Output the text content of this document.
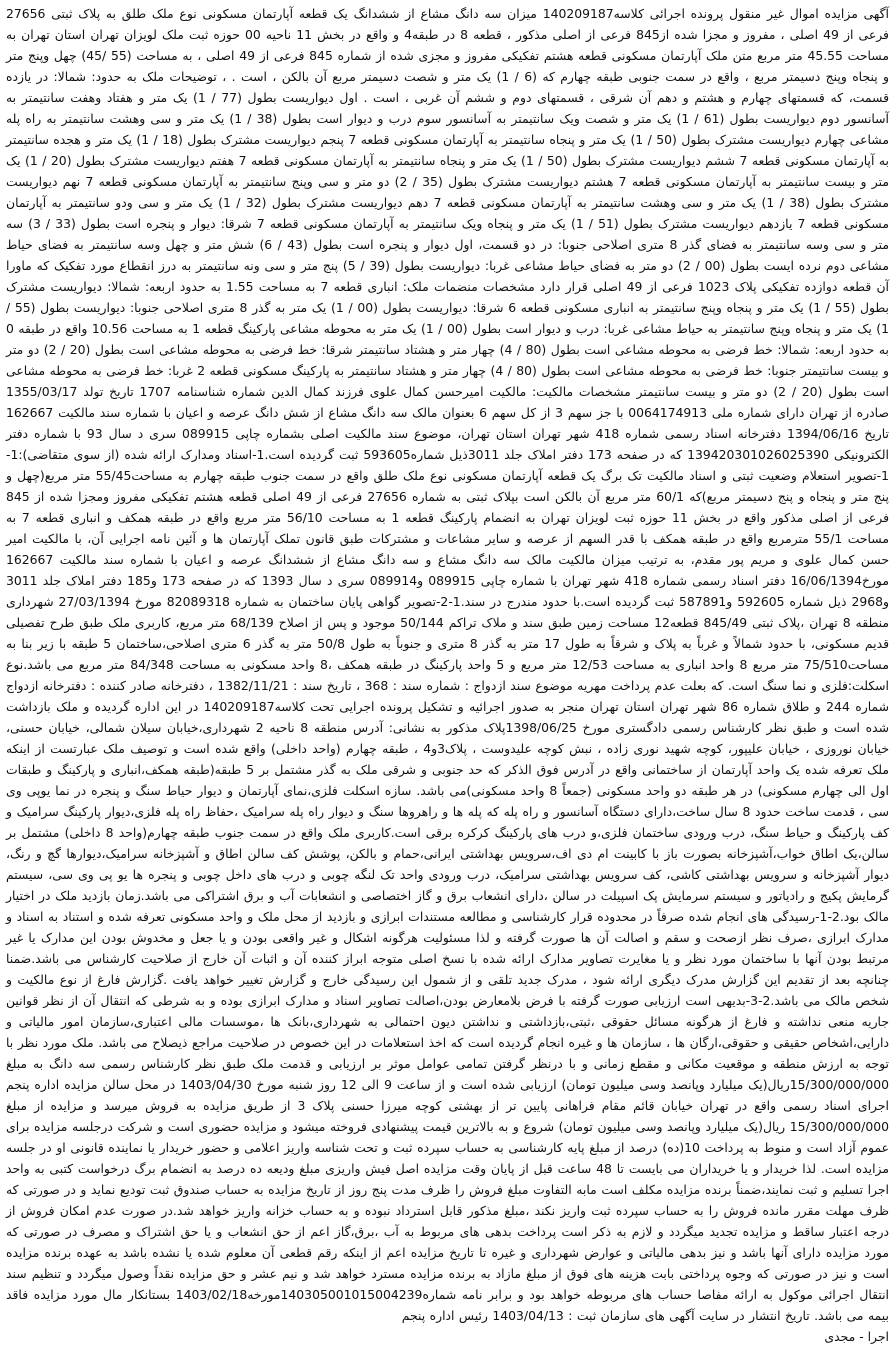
آگهی مزایده اموال غیر منقول پرونده اجرائی کلاسه140209187 میزان سه دانگ مشاع از ششدانگ یک قطعه آپارتمان مسکونی نوع ملک طلق به پلاک ثبتی 27656 فرعی از 49 اصلی ، مفروز و مجزا شده از845 فرعی از اصلی مذکور ، قطعه 8 در طبقه4 و واقع در بخش 11 ناحیه 00 حوزه ثبت ملک لویزان تهران استان تهران به مساحت 45.55 متر مربع متن ملک آپارتمان مسکونی قطعه هشتم تفکیکی مفروز و مجزی شده از شماره 845 فرعی از 49 اصلی ، به مساحت (55 /45) چهل وپنج متر و پنجاه وپنج دسیمتر مربع ، واقع در سمت جنوبی طبقه چهارم که (6 / 1) یک متر و شصت دسیمتر مربع آن بالکن ، است . ، توضیحات ملک به حدود: شمالا: در یازده قسمت، که قسمتهای چهارم و هشتم و دهم آن شرقی ، قسمتهای دوم و ششم آن غربی ، است . اول دیواریست بطول (77 / 1) یک متر و هفتاد وهفت سانتیمتر به آسانسور دوم دیواریست بطول (61 / 1) یک متر و شصت ویک سانتیمتر به آسانسور سوم درب و دیوار است بطول (38 / 1) یک متر و سی وهشت سانتیمتر به راه پله مشاعی چهارم دیواریست مشترک بطول (50 / 1) یک متر و پنجاه سانتیمتر به آپارتمان مسکونی قطعه 7 پنجم دیواریست مشترک بطول (18 / 1) یک متر و هجده سانتیمتر به آپارتمان مسکونی قطعه 7 ششم دیواریست مشترک بطول (50 / 1) یک متر و پنجاه سانتیمتر به آپارتمان مسکونی قطعه 7 هفتم دیواریست مشترک بطول (20 / 1) یک متر و بیست سانتیمتر به آپارتمان مسکونی قطعه 7 هشتم دیواریست مشترک بطول (35 / 2) دو متر و سی وپنج سانتیمتر به آپارتمان مسکونی قطعه 7 نهم دیواریست مشترک بطول (38 / 1) یک متر و سی وهشت سانتیمتر به آپارتمان مسکونی قطعه 7 دهم دیواریست مشترک بطول (32 / 1) یک متر و سی ودو سانتیمتر به آپارتمان مسکونی قطعه 7 یازدهم دیواریست مشترک بطول (51 / 1) یک متر و پنجاه ویک سانتیمتر به آپارتمان مسکونی قطعه 7 شرقا: دیوار و پنجره است بطول (33 / 3) سه متر و سی وسه سانتیمتر به فضای گذر 8 متری اصلاحی جنوبا: در دو قسمت، اول دیوار و پنجره است بطول (43 / 6) شش متر و چهل وسه سانتیمتر به فضای حیاط مشاعی دوم نرده ایست بطول (00 / 2) دو متر به فضای حیاط مشاعی غربا: دیواریست بطول (39 / 5) پنج متر و سی ونه سانتیمتر به درز انقطاع مورد تفکیک که ماورا آن قطعه دوازده تفکیکی پلاک 1023 فرعی از 49 اصلی قرار دارد مشخصات منضمات ملک: انباری قطعه 7 به مساحت 1.55 به حدود اربعه: شمالا: دیواریست مشترک بطول (55 / 1) یک متر و پنجاه وپنج سانتیمتر به انباری مسکونی قطعه 6 شرقا: دیواریست بطول (00 / 1) یک متر به گذر 8 متری اصلاحی جنوبا: دیواریست بطول (55 / 1) یک متر و پنجاه وپنج سانتیمتر به حیاط مشاعی غربا: درب و دیوار است بطول (00 / 1) یک متر به محوطه مشاعی پارکینگ قطعه 1 به مساحت 10.56 واقع در طبقه 0 به حدود اربعه: شمالا: خط فرضی به محوطه مشاعی است بطول (80 / 4) چهار متر و هشتاد سانتیمتر شرقا: خط فرضی به محوطه مشاعی است بطول (20 / 2) دو متر و بیست سانتیمتر جنوبا: خط فرضی به محوطه مشاعی است بطول (80 / 4) چهار متر و هشتاد سانتیمتر به پارکینگ مسکونی قطعه 2 غربا: خط فرضی به محوطه مشاعی است بطول (20 / 2) دو متر و بیست سانتیمتر مشخصات مالکیت: مالکیت امیرحسن کمال علوی فرزند کمال الدین شماره شناسنامه 1707 تاریخ تولد 1355/03/17 صادره از تهران دارای شماره ملی 0064174913 با جز سهم 3 از کل سهم 6 بعنوان مالک سه دانگ مشاع از شش دانگ عرصه و اعیان با شماره سند مالکیت 162667 تاریخ 1394/06/16 دفترخانه اسناد رسمی شماره 418 شهر تهران استان تهران، موضوع سند مالکیت اصلی بشماره چاپی 089915 سری د سال 93 با شماره دفتر الکترونیکی 139420301026025390 که در صفحه 173 دفتر املاک جلد 3011ذیل شماره593605 ثبت گردیده است.1-اسناد ومدارک ارائه شده (از سوی متقاضی):1-1-تصویر استعلام وضعیت ثبتی و اسناد مالکیت تک برگ یک قطعه آپارتمان مسکونی نوع ملک طلق واقع در سمت جنوب طبقه چهارم به مساحت55/45 متر مربع(چهل و پنج متر و پنجاه و پنج دسیمتر مربع)که 60/1 متر مربع آن بالکن است بپلاک ثبتی به شماره 27656 فرعی از 49 اصلی قطعه هشتم تفکیکی مفروز ومجزا شده از 845 فرعی از اصلی مذکور واقع در بخش 11 حوزه ثبت لویزان تهران به انضمام پارکینگ قطعه 1 به مساحت 56/10 متر مربع واقع در طبقه همکف و انباری قطعه 7 به مساحت 55/1 مترمربع واقع در طبقه همکف با قدر السهم از عرصه و سایر مشاعات و مشترکات طبق قانون تملک آپارتمان ها و آئین نامه اجرایی آن، با مالکیت امیر حسن کمال علوی و مریم پور مقدم، به ترتیب میزان مالکیت مالک سه دانگ مشاع و سه دانگ مشاع از ششدانگ عرصه و اعیان با شماره سند مالکیت 162667 مورخ16/06/1394 دفتر اسناد رسمی شماره 418 شهر تهران با شماره چاپی 089915 و089914 سری د سال 1393 که در صفحه 173 و185 دفتر املاک جلد 3011 و2968 ذیل شماره 592605 و587891 ثبت گردیده است.با حدود مندرج در سند.1-2-تصویر گواهی پایان ساختمان به شماره 82089318 مورخ 27/03/1394 شهرداری منطقه 8 تهران ،پلاک ثبتی 845/49 قطعه12 مساحت زمین طبق سند و ملاک تراکم 50/144 موجود و پس از اصلاح 68/139 متر مربع، کاربری ملک طبق طرح تفصیلی قدیم مسکونی، با حدود شمالاً و غرباً به پلاک و شرقاً به طول 17 متر به گذر 8 متری و جنوباً به طول 50/8 متر به گذر 6 متری اصلاحی،ساختمان 5 طبقه با زیر بنا به مساحت75/510 متر مربع 8 واحد انباری به مساحت 12/53 متر مربع و 5 واحد پارکینگ در طبقه همکف ،8 واحد مسکونی به مساحت 84/348 متر مربع می باشد.نوع اسکلت:فلزی و نما سنگ است. که بعلت عدم پرداخت مهریه موضوع سند ازدواج : شماره سند : 368 ، تاریخ سند : 1382/11/21 ، دفترخانه صادر کننده : دفترخانه ازدواج شماره 244 و طلاق شماره 86 شهر تهران استان تهران منجر به صدور اجرائیه و تشکیل پرونده اجرایی تحت کلاسه140209187 در این اداره گردیده و ملک بازداشت شده است و طبق نظر کارشناس رسمی دادگستری مورخ 1398/06/25پلاک مذکور به نشانی: آدرس منطقه 8 ناحیه 2 شهرداری،خیابان سیلان شمالی، خیابان حسنی، خیابان نوروزی ، خیابان علیپور، کوچه شهید نوری زاده ، نبش کوچه علیدوست ، پلاک3و4 ، طبقه چهارم (واحد داخلی) واقع شده است و توصیف ملک عبارتست از اینکه ملک تعرفه شده یک واحد آپارتمان از ساختمانی واقع در آدرس فوق الذکر که حد جنوبی و شرقی ملک به گذر مشتمل بر 5 طبقه(طبقه همکف،انباری و پارکینگ و طبقات اول الی چهارم مسکونی) در هر طبقه دو واحد مسکونی (جمعاً 8 واحد مسکونی)می باشد. سازه اسکلت فلزی،نمای آپارتمان و دیوار حیاط سنگ و پنجره در نما یوپی وی سی ، قدمت ساخت حدود 8 سال ساخت،دارای دستگاه آسانسور و راه پله که پله ها و راهروها سنگ و دیوار راه پله سرامیک ،حفاظ راه پله فلزی،دیوار پارکینگ سرامیک و کف پارکینگ و حیاط سنگ، درب ورودی ساختمان فلزی،و درب های پارکینگ کرکره برقی است.کاربری ملک واقع در سمت جنوب طبقه چهارم(واحد 8 داخلی) مشتمل بر سالن،یک اطاق خواب،آشپزخانه بصورت باز با کابینت ام دی اف،سرویس بهداشتی ایرانی،حمام و بالکن، پوشش کف سالن اطاق و آشپزخانه سرامیک،دیوارها گچ و رنگ، دیوار آشپزخانه و سرویس بهداشتی کاشی، کف سرویس بهداشتی سرامیک، درب ورودی واحد تک لنگه چوبی و درب های داخل چوبی و پنجره ها یو پی وی سی، سیستم گرمایش پکیج و رادیاتور و سیستم سرمایش پک اسپیلت در سالن ،دارای انشعاب برق و گاز اختصاصی و انشعابات آب و برق اشتراکی می باشد.زمان بازدید ملک در اختیار مالک بود.2-1-رسیدگی های انجام شده صرفاً در محدوده قرار کارشناسی و مطالعه مستندات ابرازی و بازدید از محل ملک و واحد مسکونی تعرفه شده و استناد به اسناد و مدارک ابرازی ،صرف نظر ازصحت و سقم و اصالت آن ها صورت گرفته و لذا مسئولیت هرگونه اشکال و غیر واقعی بودن و یا جعل و مخدوش بودن این مدارک یا غیر مرتبط بودن آنها با ساختمان مورد نظر و یا مغایرت تصاویر مدارک ارائه شده با نسخ اصلی متوجه ابراز کننده آن و اثبات آن خارج از صلاحیت کارشناس می باشد.ضمنا چنانچه بعد از تقدیم این گزارش مدرک دیگری ارائه شود ، مدرک جدید تلقی و از شمول این رسیدگی خارج و گزارش تغییر خواهد یافت .گزارش فارغ از نوع مالکیت و شخص مالک می باشد.2-3-بدیهی است ارزیابی صورت گرفته با فرض بلامعارض بودن،اصالت تصاویر اسناد و مدارک ابرازی بوده و به شرطی که انتقال آن از نظر قوانین جاریه منعی نداشته و فارغ از هرگونه مسائل حقوقی ،ثبتی،بازداشتی و نداشتن دیون احتمالی به شهرداری،بانک ها ،موسسات مالی اعتباری،سازمان امور مالیاتی و دارایی،اشخاص حقیقی و حقوقی،ارگان ها ، سازمان ها و غیره انجام گردیده است که اخذ استعلامات در این خصوص در صلاحیت مراجع ذیصلاح می باشد. ملک مورد نظر با توجه به ارزش منطقه و موقعیت مکانی و مقطع زمانی و با درنظر گرفتن تمامی عوامل موثر بر ارزیابی و قدمت ملک طبق نظر کارشناس رسمی سه دانگ به مبلغ 15/300/000/000ریال(یک میلیارد وپانصد وسی میلیون تومان) ارزیابی شده است و از ساعت 9 الی 12 روز شنبه مورخ 1403/04/30 در محل سالن مزایده اداره پنجم اجرای اسناد رسمی واقع در تهران خیابان قائم مقام فراهانی پایین تر از بهشتی کوچه میرزا حسنی پلاک 3 از طریق مزایده به فروش میرسد و مزایده از مبلغ 15/300/000/000 ریال(یک میلیارد وپانصد وسی میلیون تومان) شروع و به بالاترین قیمت پیشنهادی فروخته میشود و مزایده حضوری است و شرکت درجلسه مزایده برای عموم آزاد است و منوط به پرداخت 10(ده) درصد از مبلغ پایه کارشناسی به حساب سپرده ثبت و تحت شناسه واریز اعلامی و حضور خریدار یا نماینده قانونی او در جلسه مزایده است. لذا خریدار و یا خریداران می بایست تا 48 ساعت قبل از پایان وقت مزایده اصل فیش واریزی مبلغ ودیعه ده درصد به انضمام برگ درخواست کتبی به واحد اجرا تسلیم و ثبت نمایند،ضمناً برنده مزایده مکلف است مابه التفاوت مبلغ فروش را ظرف مدت پنج روز از تاریخ مزایده به حساب صندوق ثبت تودیع نماید و در صورتی که ظرف مهلت مقرر مانده فروش را به حساب سپرده ثبت واریز نکند ،مبلغ مذکور قابل استرداد نبوده و به حساب خزانه واریز خواهد شد.در صورت عدم امکان فروش از درجه اعتبار ساقط و مزایده تجدید میگردد و لازم به ذکر است پرداخت بدهی های مربوط به آب ،برق،گاز اعم از حق انشعاب و یا حق اشتراک و مصرف در صورتی که مورد مزایده دارای آنها باشد و نیز بدهی مالیاتی و عوارض شهرداری و غیره تا تاریخ مزایده اعم از اینکه رقم قطعی آن معلوم شده یا نشده باشد به عهده برنده مزایده است و نیز در صورتی که وجوه پرداختی بابت هزینه های فوق از مبلغ مازاد به برنده مزایده مسترد خواهد شد و نیم عشر و حق مزایده نقداً وصول میگردد و تنظیم سند انتقال اجرائی موکول به ارائه مفاصا حساب های مربوطه خواهد بود و برابر نامه شماره140305001015004239مورخه1403/02/18 بستانکار مال مورد مزایده فاقد بیمه می باشد. تاریخ انتشار در سایت آگهی های سازمان ثبت : 1403/04/13 رئیس اداره پنجم

اجرا - مجدی
